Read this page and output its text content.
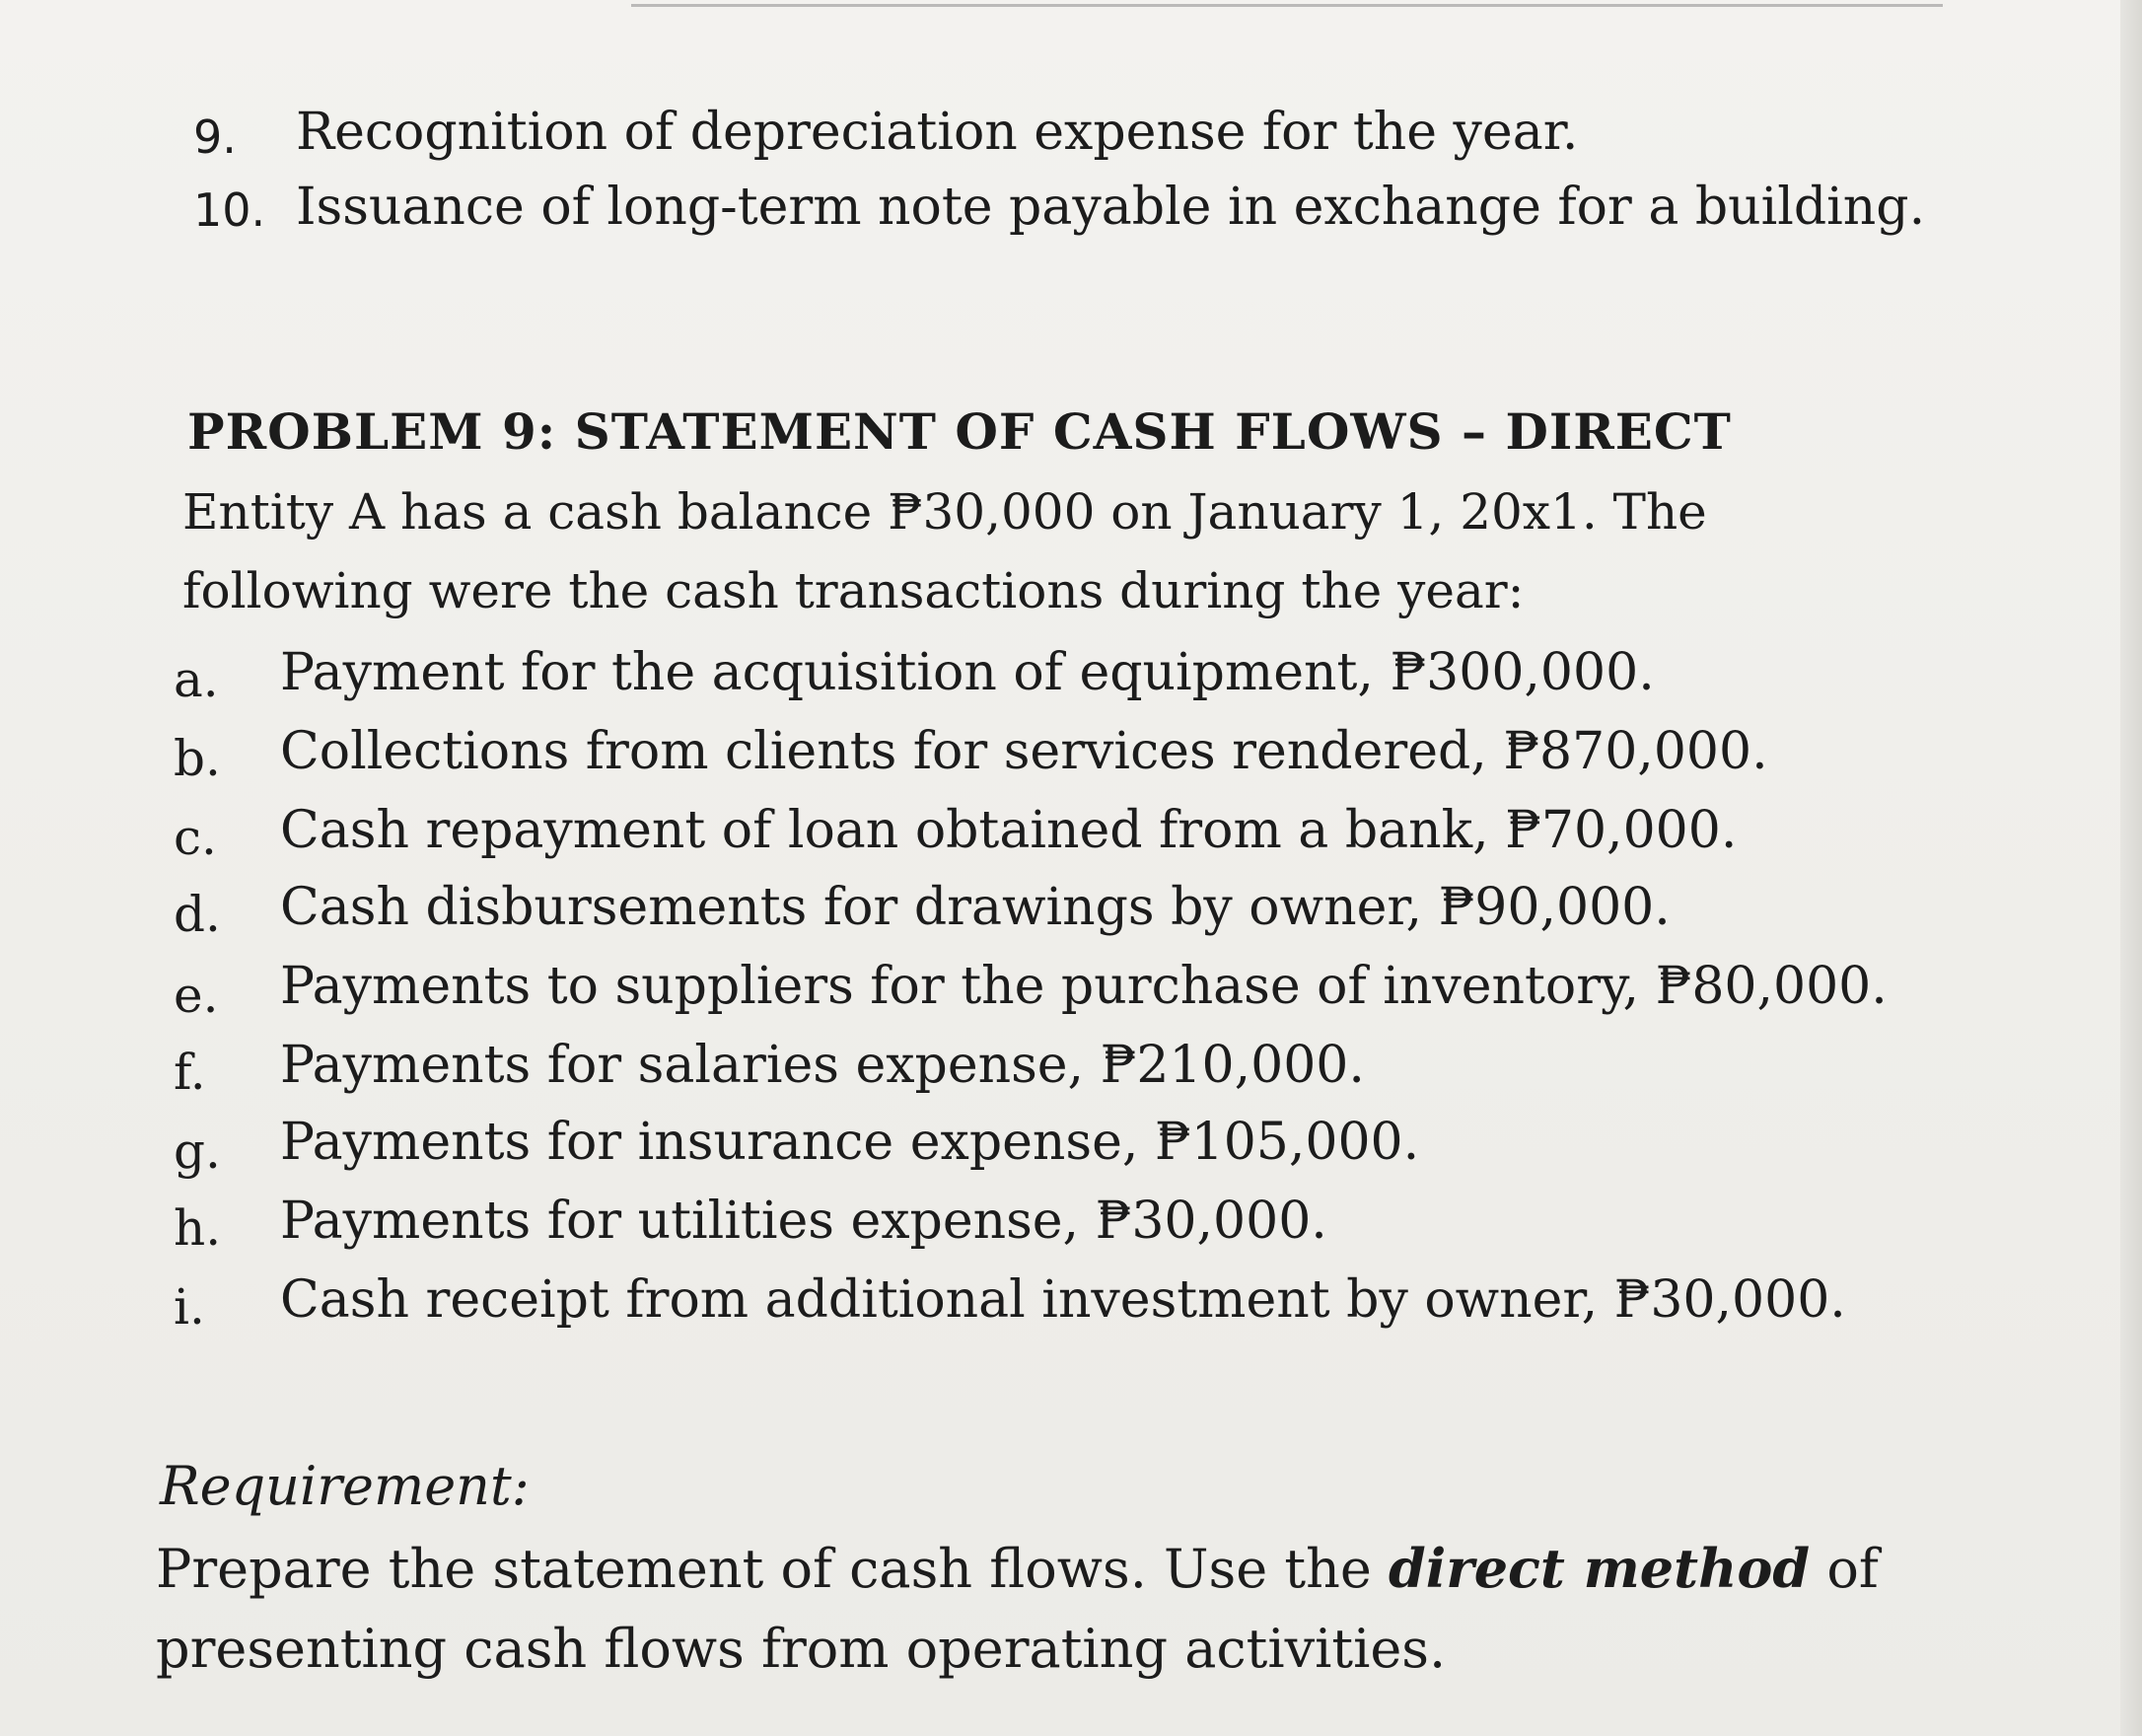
9. Recognition of depreciation expense for the year.
10. Issuance of long-term note payable in exchange for a building.
PROBLEM 9: STATEMENT OF CASH FLOWS – DIRECT
Entity A has a cash balance ₱30,000 on January 1, 20x1. The
following were the cash transactions during the year:
a. Payment for the acquisition of equipment, ₱300,000.
b. Collections from clients for services rendered, ₱870,000.
c. Cash repayment of loan obtained from a bank, ₱70,000.
d. Cash disbursements for drawings by owner, ₱90,000.
e. Payments to suppliers for the purchase of inventory, ₱80,000.
f. Payments for salaries expense, ₱210,000.
g. Payments for insurance expense, ₱105,000.
h. Payments for utilities expense, ₱30,000.
i. Cash receipt from additional investment by owner, ₱30,000.
Requirement:
Prepare the statement of cash flows. Use the direct method of
presenting cash flows from operating activities.
